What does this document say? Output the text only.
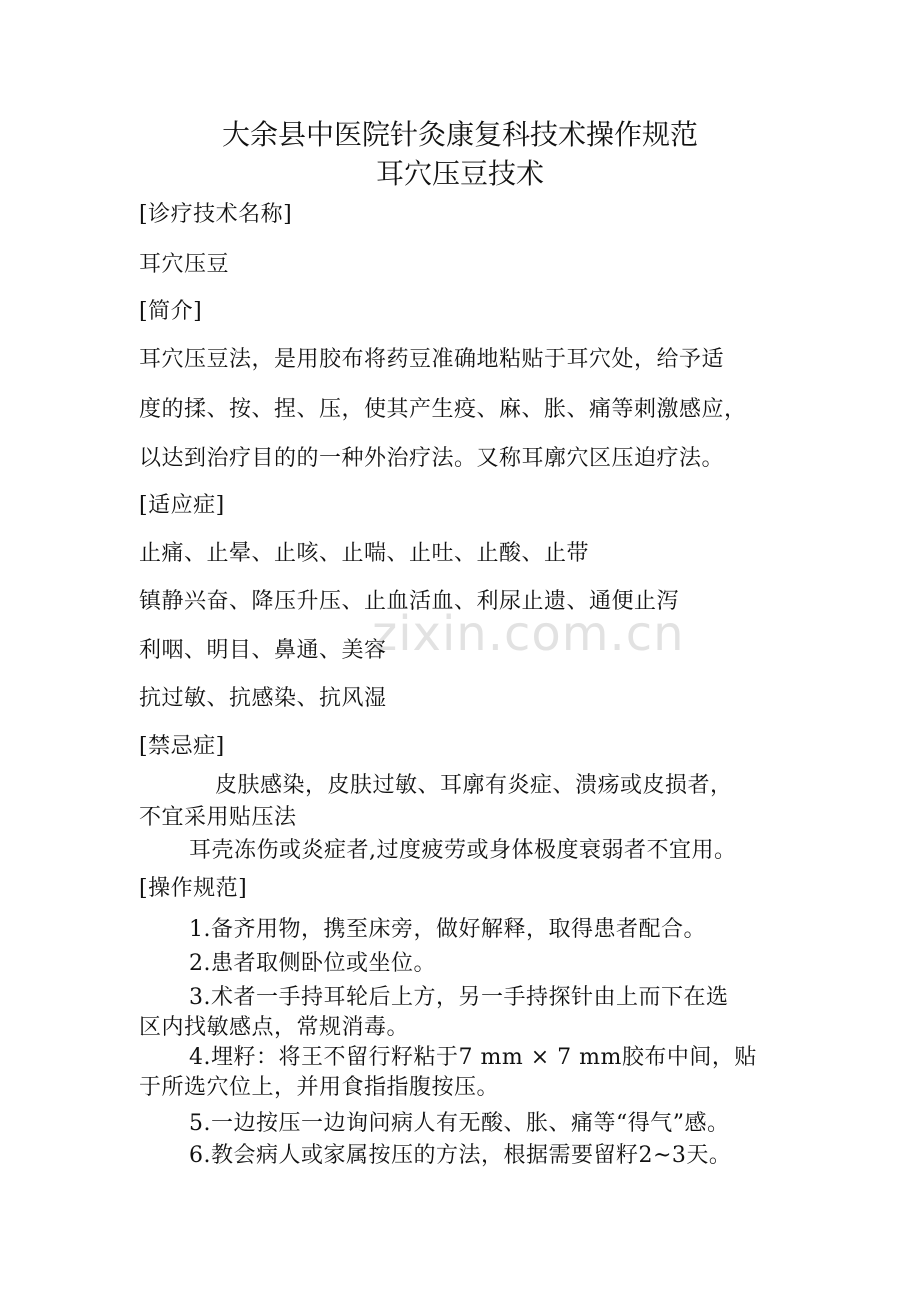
大余县中医院针灸康复科技术操作规范
耳穴压豆技术
[诊疗技术名称]
耳穴压豆
[简介]
耳穴压豆法，是用胶布将药豆准确地粘贴于耳穴处，给予适
度的揉、按、捏、压，使其产生疫、麻、胀、痛等刺激感应，
以达到治疗目的的一种外治疗法。又称耳廓穴区压迫疗法。
[适应症]
止痛、止晕、止咳、止喘、止吐、止酸、止带
镇静兴奋、降压升压、止血活血、利尿止遗、通便止泻
利咽、明目、鼻通、美容
抗过敏、抗感染、抗风湿
[禁忌症]
皮肤感染，皮肤过敏、耳廓有炎症、溃疡或皮损者，
不宜采用贴压法
耳壳冻伤或炎症者,过度疲劳或身体极度衰弱者不宜用。
[操作规范]
1.备齐用物，携至床旁，做好解释，取得患者配合。
2.患者取侧卧位或坐位。
3.术者一手持耳轮后上方，另一手持探针由上而下在选
区内找敏感点，常规消毒。
4.埋籽：将王不留行籽粘于7 mm × 7 mm胶布中间，贴
于所选穴位上，并用食指指腹按压。
5.一边按压一边询问病人有无酸、胀、痛等“得气”感。
6.教会病人或家属按压的方法，根据需要留籽2~3天。
zixin.com.cn
